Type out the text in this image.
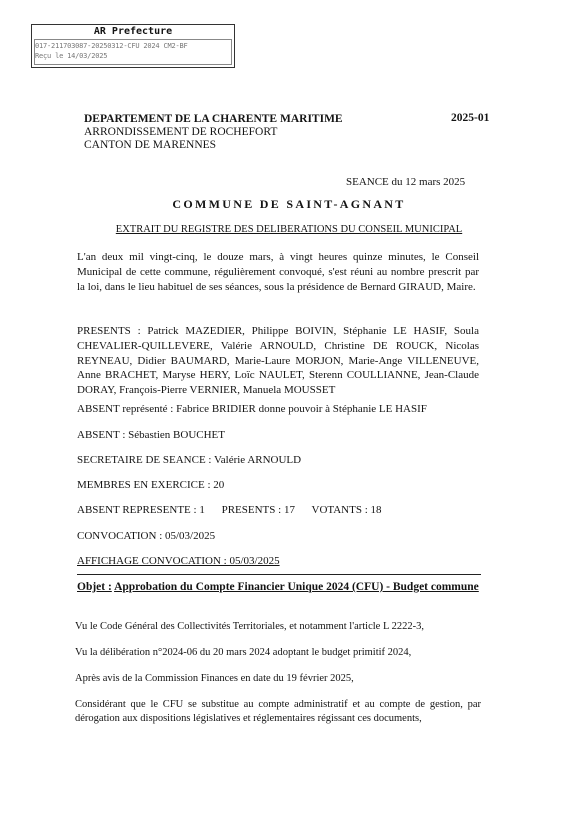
AR Prefecture
017-211703087-20250312-CFU 2024 CM2-BF
Reçu le 14/03/2025
DEPARTEMENT DE LA CHARENTE MARITIME
ARRONDISSEMENT DE ROCHEFORT
CANTON DE MARENNES
2025-01
SEANCE du 12 mars 2025
COMMUNE DE SAINT-AGNANT
EXTRAIT DU REGISTRE DES DELIBERATIONS DU CONSEIL MUNICIPAL
L'an deux mil vingt-cinq, le douze mars, à vingt heures quinze minutes, le Conseil Municipal de cette commune, régulièrement convoqué, s'est réuni au nombre prescrit par la loi, dans le lieu habituel de ses séances, sous la présidence de Bernard GIRAUD, Maire.
PRESENTS : Patrick MAZEDIER, Philippe BOIVIN, Stéphanie LE HASIF, Soula CHEVALIER-QUILLEVERE, Valérie ARNOULD, Christine DE ROUCK, Nicolas REYNEAU, Didier BAUMARD, Marie-Laure MORJON, Marie-Ange VILLENEUVE, Anne BRACHET, Maryse HERY, Loïc NAULET, Sterenn COULLIANNE, Jean-Claude DORAY, François-Pierre VERNIER, Manuela MOUSSET
ABSENT représenté : Fabrice BRIDIER donne pouvoir à Stéphanie LE HASIF
ABSENT : Sébastien BOUCHET
SECRETAIRE DE SEANCE : Valérie ARNOULD
MEMBRES EN EXERCICE : 20
ABSENT REPRESENTE : 1 PRESENTS : 17 VOTANTS : 18
CONVOCATION : 05/03/2025
AFFICHAGE CONVOCATION : 05/03/2025
Objet : Approbation du Compte Financier Unique 2024 (CFU) - Budget commune
Vu le Code Général des Collectivités Territoriales, et notamment l'article L 2222-3,
Vu la délibération n°2024-06 du 20 mars 2024 adoptant le budget primitif 2024,
Après avis de la Commission Finances en date du 19 février 2025,
Considérant que le CFU se substitue au compte administratif et au compte de gestion, par dérogation aux dispositions législatives et réglementaires régissant ces documents,
